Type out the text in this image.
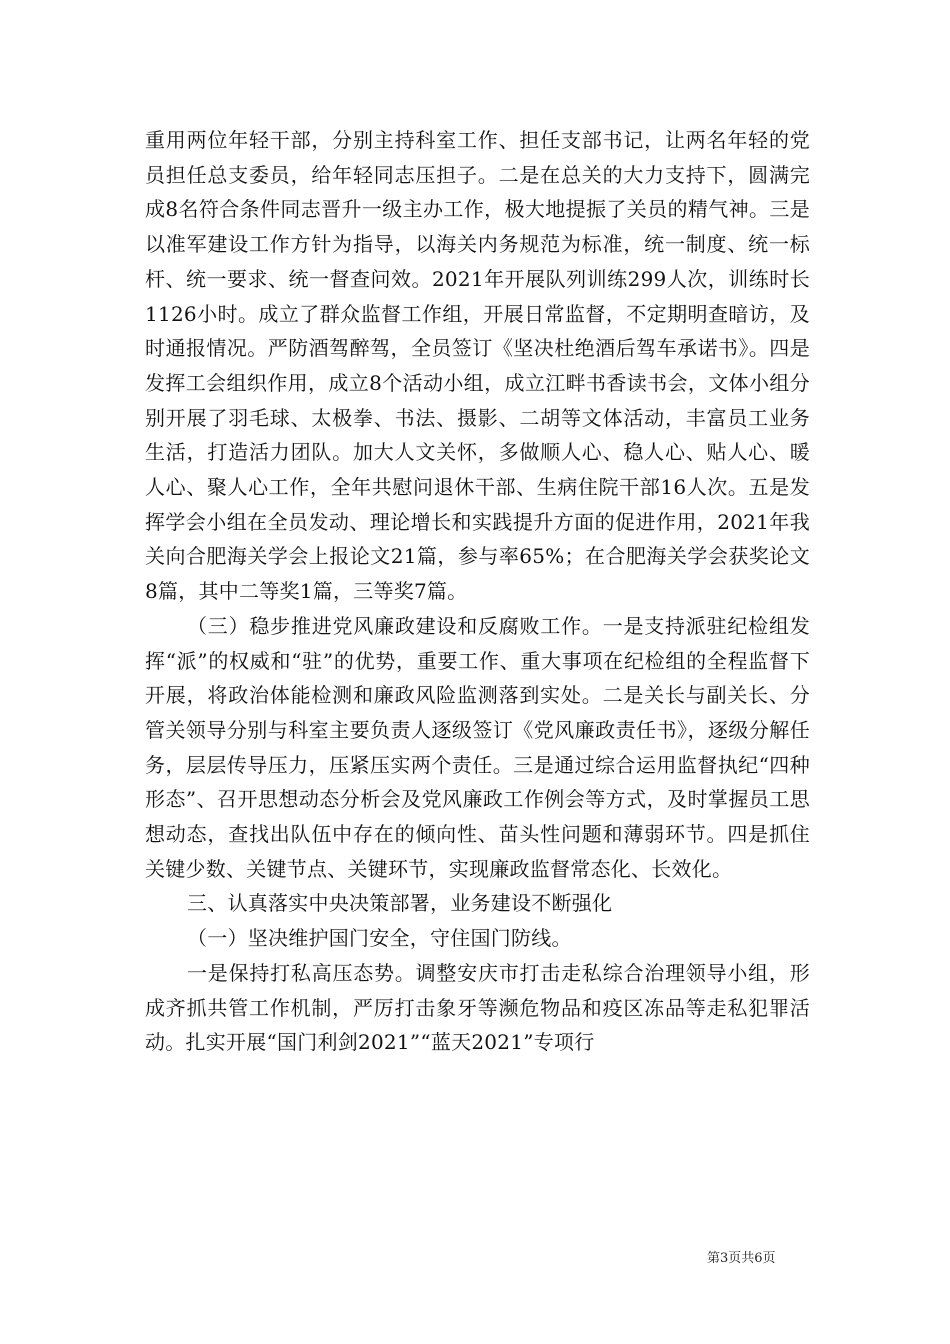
重用两位年轻干部，分别主持科室工作、担任支部书记，让两名年轻的党员担任总支委员，给年轻同志压担子。二是在总关的大力支持下，圆满完成8名符合条件同志晋升一级主办工作，极大地提振了关员的精气神。三是以准军建设工作方针为指导，以海关内务规范为标准，统一制度、统一标杆、统一要求、统一督查问效。2021年开展队列训练299人次，训练时长1126小时。成立了群众监督工作组，开展日常监督，不定期明查暗访，及时通报情况。严防酒驾醉驾，全员签订《坚决杜绝酒后驾车承诺书》。四是发挥工会组织作用，成立8个活动小组，成立江畔书香读书会，文体小组分别开展了羽毛球、太极拳、书法、摄影、二胡等文体活动，丰富员工业务生活，打造活力团队。加大人文关怀，多做顺人心、稳人心、贴人心、暖人心、聚人心工作，全年共慰问退休干部、生病住院干部16人次。五是发挥学会小组在全员发动、理论增长和实践提升方面的促进作用，2021年我关向合肥海关学会上报论文21篇，参与率65%；在合肥海关学会获奖论文8篇，其中二等奖1篇，三等奖7篇。

（三）稳步推进党风廉政建设和反腐败工作。一是支持派驻纪检组发挥“派”的权威和“驻”的优势，重要工作、重大事项在纪检组的全程监督下开展，将政治体能检测和廉政风险监测落到实处。二是关长与副关长、分管关领导分别与科室主要负责人逐级签订《党风廉政责任书》，逐级分解任务，层层传导压力，压紧压实两个责任。三是通过综合运用监督执纪“四种形态”、召开思想动态分析会及党风廉政工作例会等方式，及时掌握员工思想动态，查找出队伍中存在的倾向性、苗头性问题和薄弱环节。四是抓住关键少数、关键节点、关键环节，实现廉政监督常态化、长效化。

三、认真落实中央决策部署，业务建设不断强化

（一）坚决维护国门安全，守住国门防线。

一是保持打私高压态势。调整安庆市打击走私综合治理领导小组，形成齐抓共管工作机制，严厉打击象牙等濒危物品和疫区冻品等走私犯罪活动。扎实开展“国门利剑2021”“蓝天2021”专项行

第3页共6页
